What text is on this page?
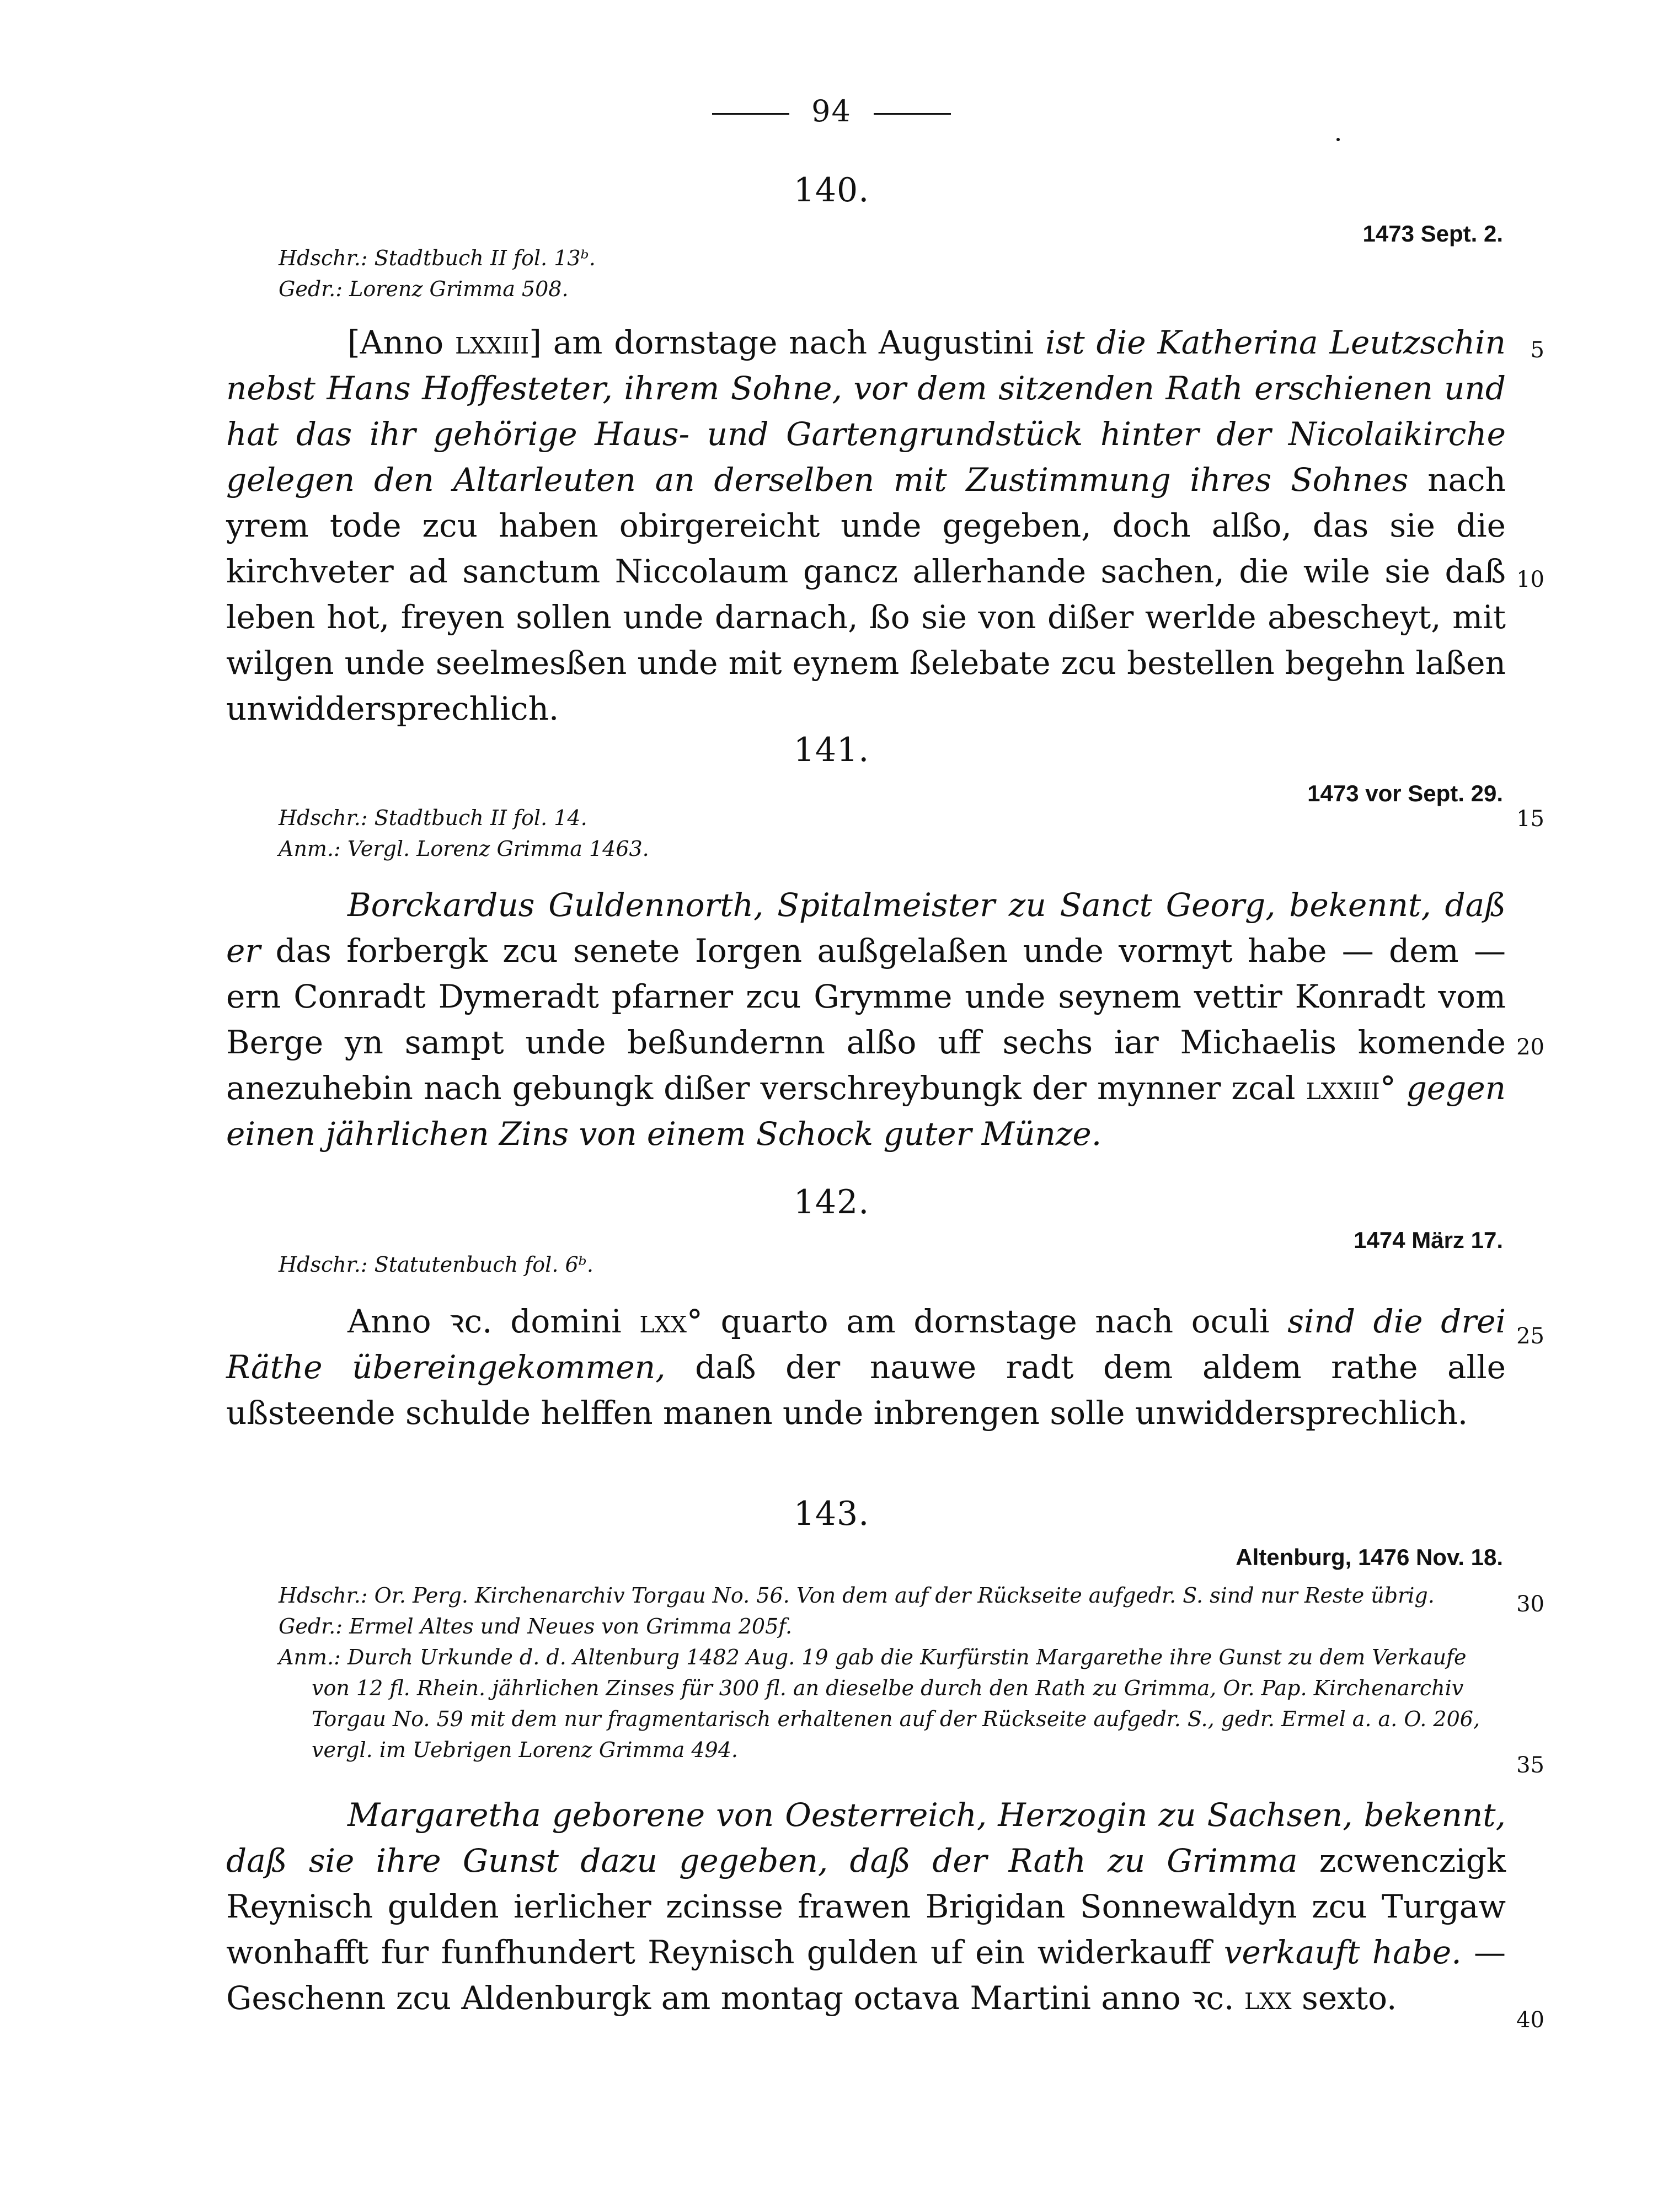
94
140.
1473 Sept. 2.
Hdschr.: Stadtbuch II fol. 13ᵇ.
Gedr.: Lorenz Grimma 508.

[Anno lxxiii] am dornstage nach Augustini ist die Katherina Leutzschin nebst Hans Hoffesteter, ihrem Sohne, vor dem sitzenden Rath erschienen und hat das ihr gehörige Haus- und Gartengrundstück hinter der Nicolaikirche gelegen den Altarleuten an derselben mit Zustimmung ihres Sohnes nach yrem tode zcu haben obirgereicht unde gegeben, doch alßo, das sie die kirchveter ad sanctum Niccolaum gancz allerhande sachen, die wile sie daß leben hot, freyen sollen unde darnach, ßo sie von dißer werlde abescheyt, mit wilgen unde seelmesßen unde mit eynem ßelebate zcu bestellen begehn laßen unwiddersprechlich.

141.
1473 vor Sept. 29.
Hdschr.: Stadtbuch II fol. 14.
Anm.: Vergl. Lorenz Grimma 1463.

Borckardus Guldennorth, Spitalmeister zu Sanct Georg, bekennt, daß er das forbergk zcu senete Iorgen außgelaßen unde vormyt habe — dem — ern Conradt Dymeradt pfarner zcu Grymme unde seynem vettir Konradt vom Berge yn sampt unde beßundernn alßo uff sechs iar Michaelis komende anezuhebin nach gebungk dißer verschreybungk der mynner zcal lxxiii° gegen einen jährlichen Zins von einem Schock guter Münze.

142.
1474 März 17.
Hdschr.: Statutenbuch fol. 6ᵇ.

Anno ꝛc. domini lxx° quarto am dornstage nach oculi sind die drei Räthe übereingekommen, daß der nauwe radt dem aldem rathe alle ußsteende schulde helffen manen unde inbrengen solle unwiddersprechlich.

143.
Altenburg, 1476 Nov. 18.
Hdschr.: Or. Perg. Kirchenarchiv Torgau No. 56. Von dem auf der Rückseite aufgedr. S. sind nur Reste übrig.
Gedr.: Ermel Altes und Neues von Grimma 205f.
Anm.: Durch Urkunde d. d. Altenburg 1482 Aug. 19 gab die Kurfürstin Margarethe ihre Gunst zu dem Verkaufe
von 12 fl. Rhein. jährlichen Zinses für 300 fl. an dieselbe durch den Rath zu Grimma, Or. Pap. Kirchenarchiv
Torgau No. 59 mit dem nur fragmentarisch erhaltenen auf der Rückseite aufgedr. S., gedr. Ermel a. a. O. 206,
vergl. im Uebrigen Lorenz Grimma 494.

Margaretha geborene von Oesterreich, Herzogin zu Sachsen, bekennt, daß sie ihre Gunst dazu gegeben, daß der Rath zu Grimma zcwenczigk Reynisch gulden ierlicher zcinsse frawen Brigidan Sonnewaldyn zcu Turgaw wonhafft fur funfhundert Reynisch gulden uf ein widerkauff verkauft habe. — Geschenn zcu Aldenburgk am montag octava Martini anno ꝛc. lxx sexto.

5
10
15
20
25
30
35
40
